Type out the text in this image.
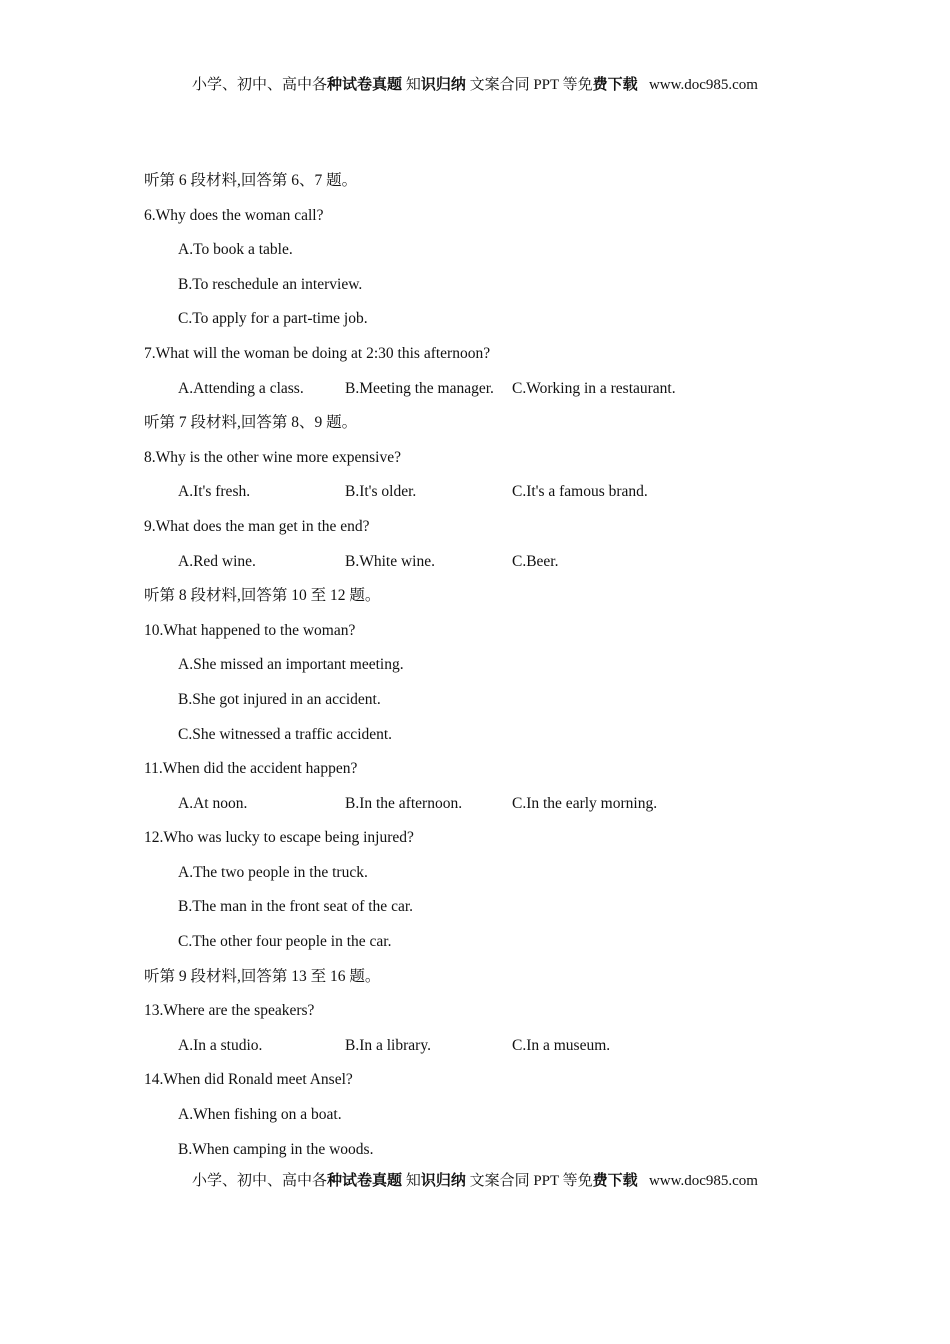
小学、初中、高中各种试卷真题 知识归纳 文案合同 PPT 等免费下载   www.doc985.com
听第 6 段材料,回答第 6、7 题。
6.Why does the woman call?
A.To book a table.
B.To reschedule an interview.
C.To apply for a part-time job.
7.What will the woman be doing at 2:30 this afternoon?
A.Attending a class.	B.Meeting the manager. C.Working in a restaurant.
听第 7 段材料,回答第 8、9 题。
8.Why is the other wine more expensive?
A.It's fresh.	B.It's older.	C.It's a famous brand.
9.What does the man get in the end?
A.Red wine.	B.White wine.	C.Beer.
听第 8 段材料,回答第 10 至 12 题。
10.What happened to the woman?
A.She missed an important meeting.
B.She got injured in an accident.
C.She witnessed a traffic accident.
11.When did the accident happen?
A.At noon.	B.In the afternoon.	C.In the early morning.
12.Who was lucky to escape being injured?
A.The two people in the truck.
B.The man in the front seat of the car.
C.The other four people in the car.
听第 9 段材料,回答第 13 至 16 题。
13.Where are the speakers?
A.In a studio.	B.In a library.	C.In a museum.
14.When did Ronald meet Ansel?
A.When fishing on a boat.
B.When camping in the woods.
小学、初中、高中各种试卷真题 知识归纳 文案合同 PPT 等免费下载   www.doc985.com
